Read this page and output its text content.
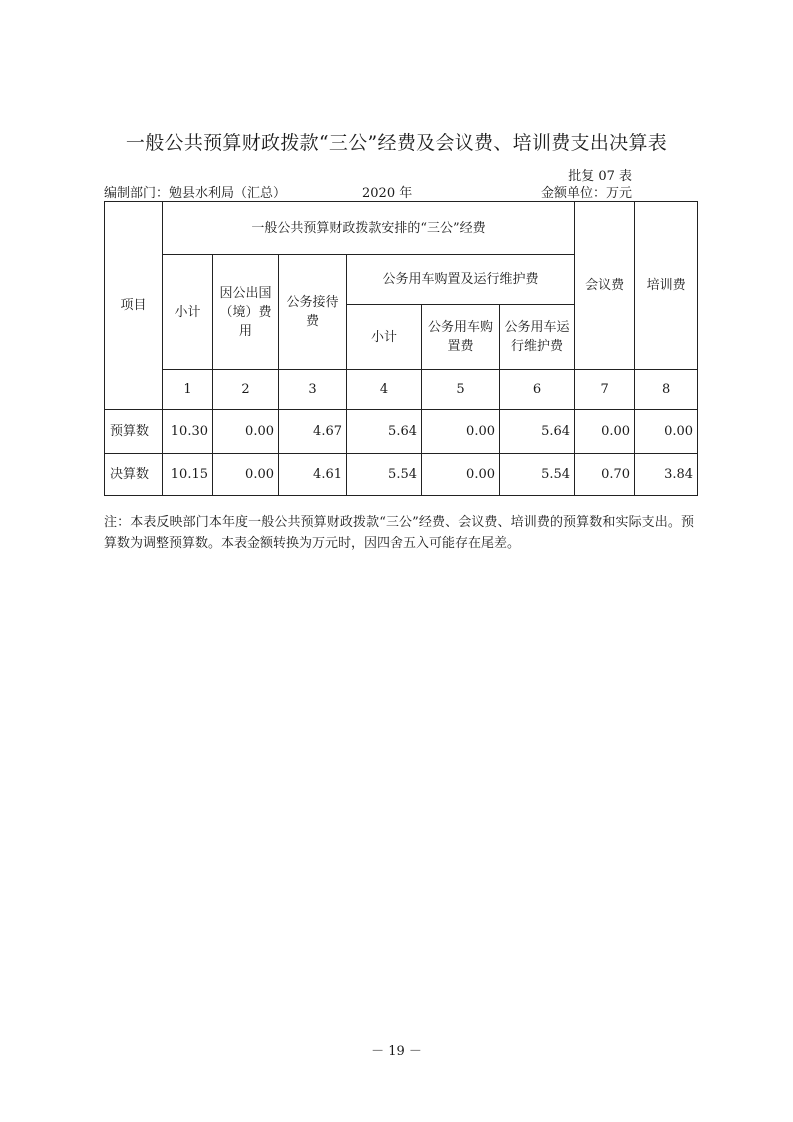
一般公共预算财政拨款“三公”经费及会议费、培训费支出决算表
批复 07 表
编制部门：勉县水利局（汇总）	2020 年	金额单位：万元
项目	一般公共预算财政拨款安排的“三公”经费						会议费	培训费
	小计	因公出国（境）费用	公务接待费	公务用车购置及运行维护费				
				小计	公务用车购置费	公务用车运行维护费		
	1	2	3	4	5	6	7	8
预算数	10.30	0.00	4.67	5.64	0.00	5.64	0.00	0.00
决算数	10.15	0.00	4.61	5.54	0.00	5.54	0.70	3.84
注：本表反映部门本年度一般公共预算财政拨款“三公”经费、会议费、培训费的预算数和实际支出。预算数为调整预算数。本表金额转换为万元时，因四舍五入可能存在尾差。
－ 19 －
